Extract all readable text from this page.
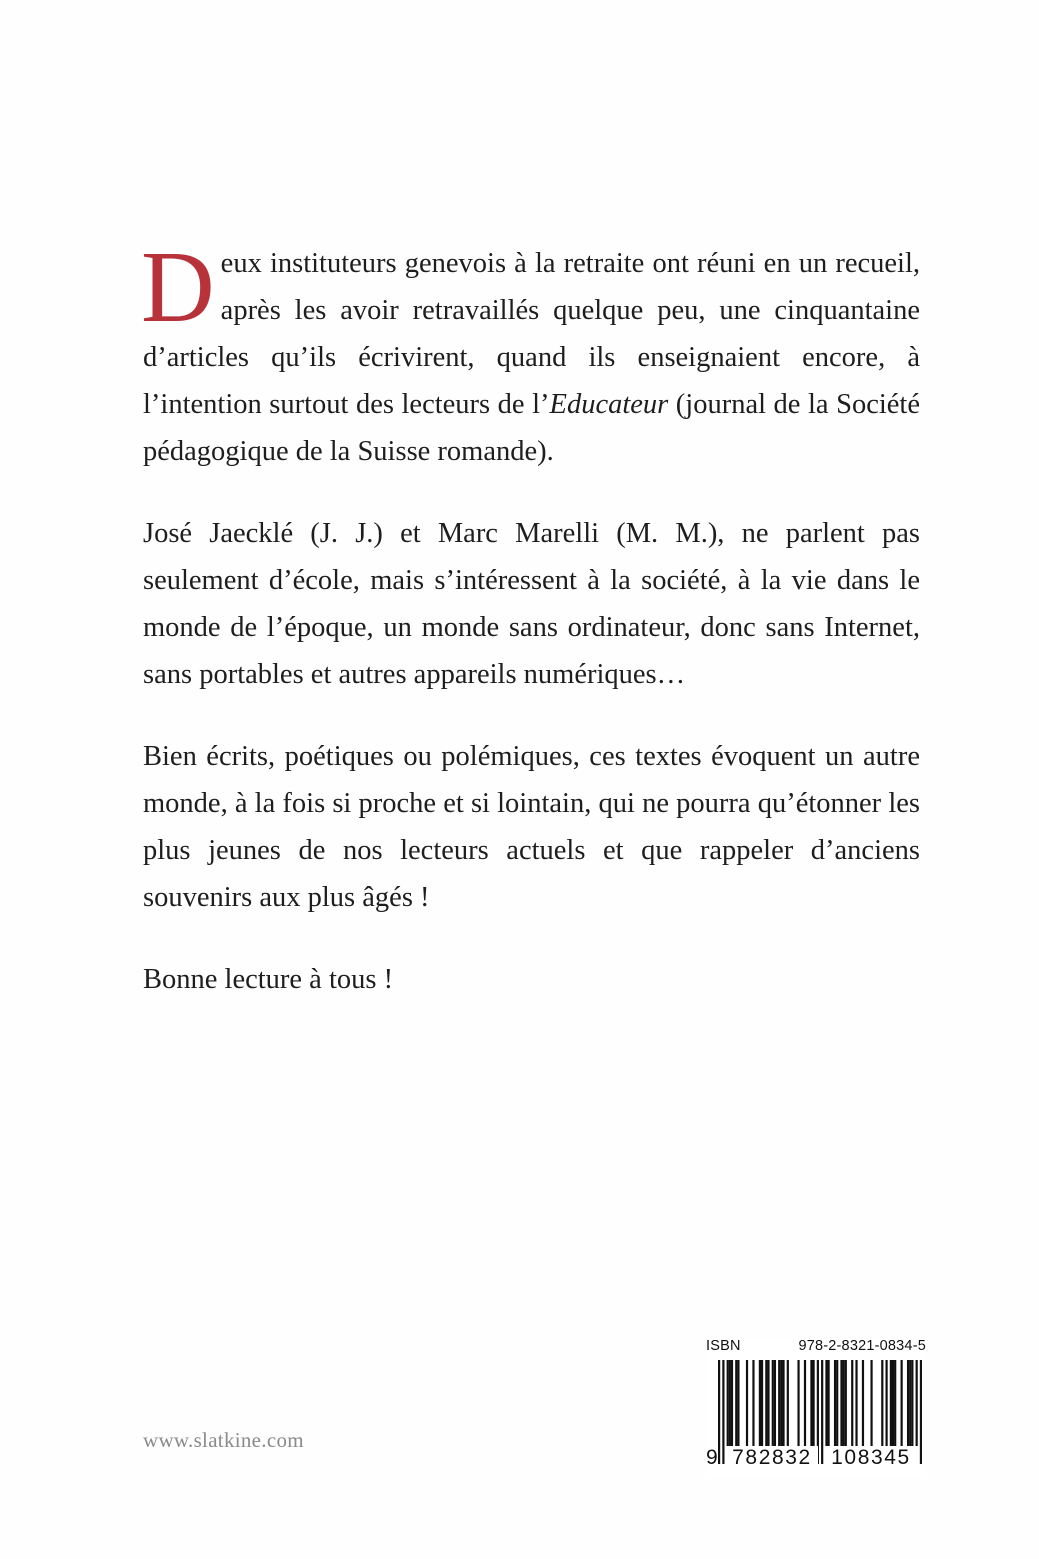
Deux instituteurs genevois à la retraite ont réuni en un recueil, après les avoir retravaillés quelque peu, une cinquantaine d’articles qu’ils écrivirent, quand ils enseignaient encore, à l’intention surtout des lecteurs de l’Educateur (journal de la Société pédagogique de la Suisse romande).

José Jaecklé (J. J.) et Marc Marelli (M. M.), ne parlent pas seulement d’école, mais s’intéressent à la société, à la vie dans le monde de l’époque, un monde sans ordinateur, donc sans Internet, sans portables et autres appareils numériques…

Bien écrits, poétiques ou polémiques, ces textes évoquent un autre monde, à la fois si proche et si lointain, qui ne pourra qu’étonner les plus jeunes de nos lecteurs actuels et que rappeler d’anciens souvenirs aux plus âgés !

Bonne lecture à tous !

www.slatkine.com
ISBN	978-2-8321-0834-5
9 782832 108345
